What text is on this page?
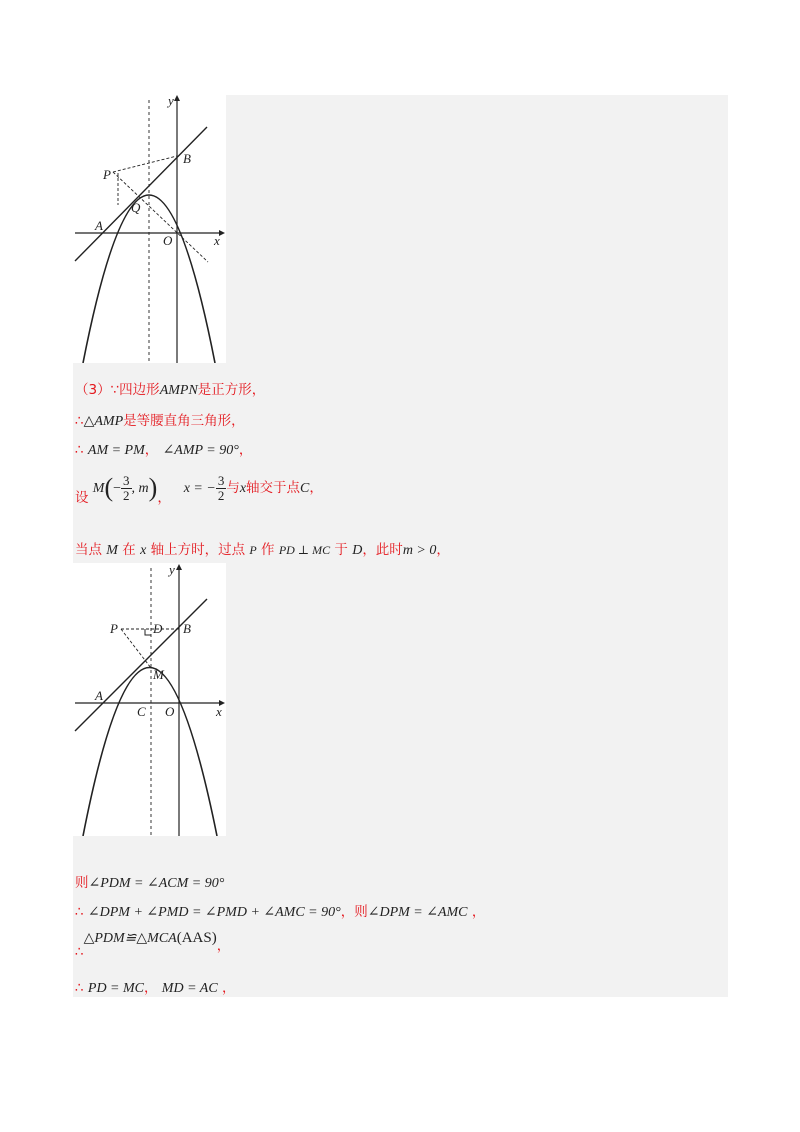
y
x
B
P
Q
A
O
（3）∵四边形AMPN是正方形，
∴△AMP是等腰直角三角形，
∴ AM = PM， ∠AMP = 90°，
设 $M(- \frac{3}{2}$ , m)，   x = − $\frac{3}{2}$ 与x轴交于点C，
当点 M 在 x 轴上方时，过点 P 作 PD ⊥ MC 于 D，此时m > 0，
y
x
P	D B
M
A
C O
则∠PDM = ∠ACM = 90°
∴ ∠DPM + ∠PMD = ∠PMD + ∠AMC = 90°，则∠DPM = ∠AMC ，
∴△PDM≌△MCA(AAS)，
∴ PD = MC， MD = AC ，
